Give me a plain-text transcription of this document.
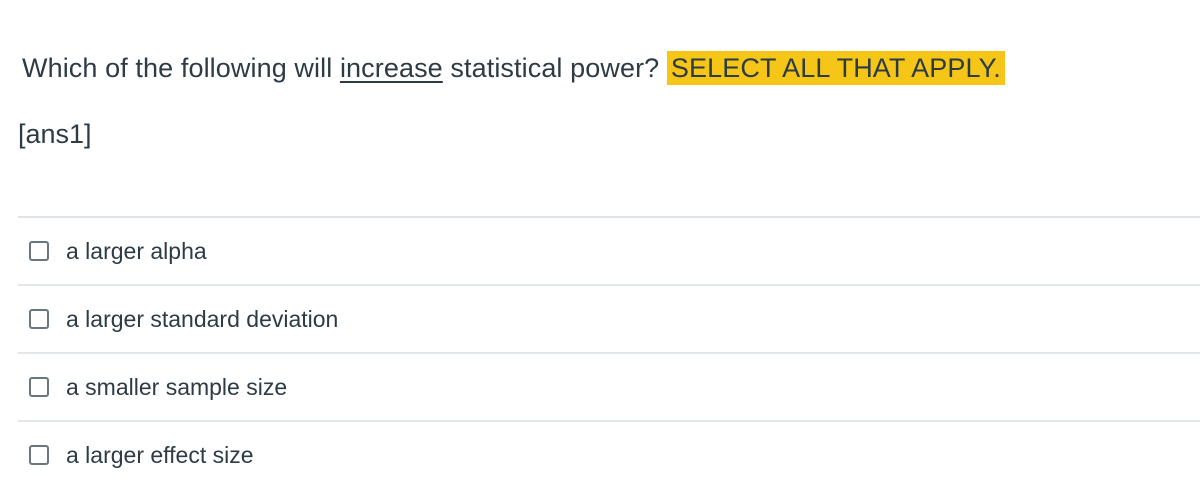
Which of the following will increase statistical power? SELECT ALL THAT APPLY.
[ans1]
a larger alpha
a larger standard deviation
a smaller sample size
a larger effect size
